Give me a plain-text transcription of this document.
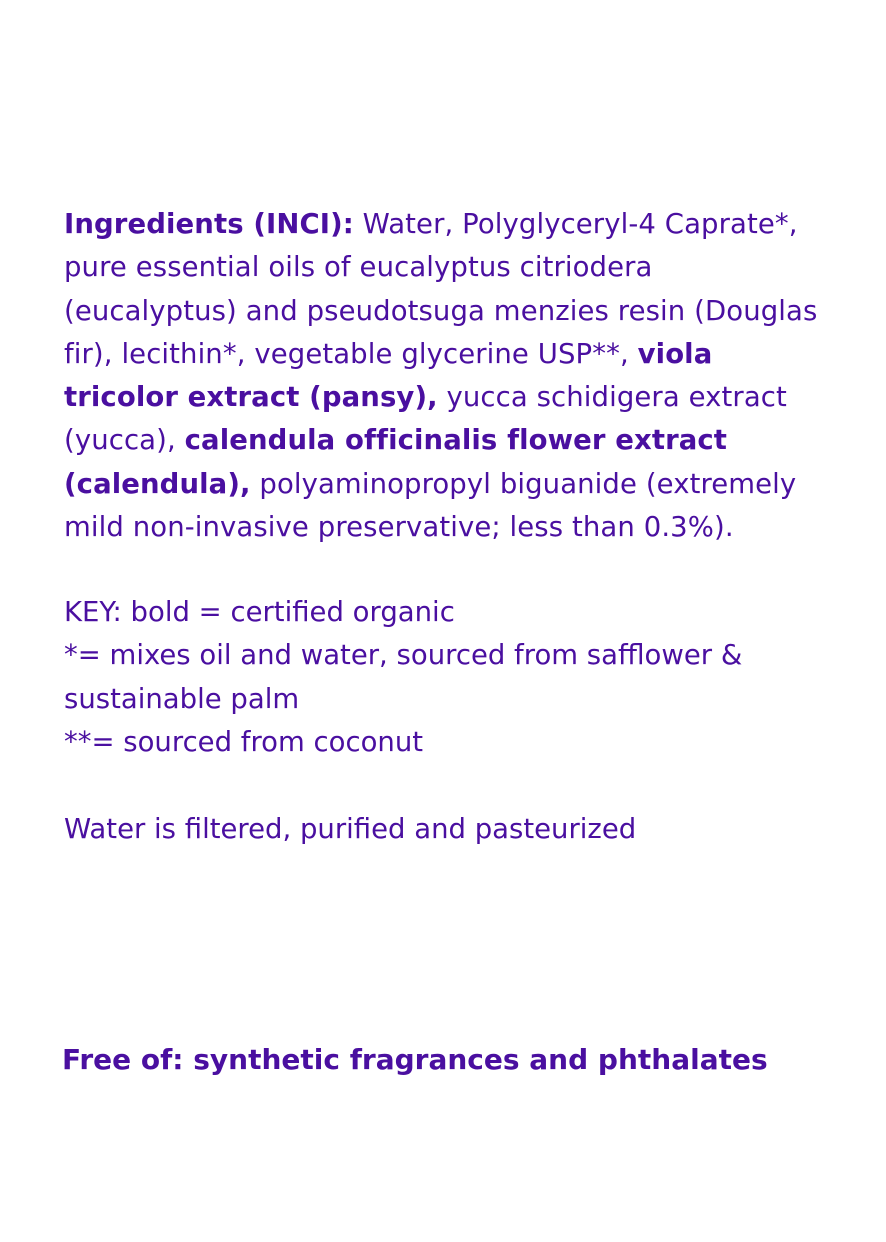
Ingredients (INCI): Water, Polyglyceryl-4 Caprate*, pure essential oils of eucalyptus citriodera (eucalyptus) and pseudotsuga menzies resin (Douglas fir), lecithin*, vegetable glycerine USP**, viola tricolor extract (pansy), yucca schidigera extract (yucca), calendula officinalis flower extract (calendula), polyaminopropyl biguanide (extremely mild non-invasive preservative; less than 0.3%).

KEY: bold = certified organic
*= mixes oil and water, sourced from safflower &
sustainable palm
**= sourced from coconut

Water is filtered, purified and pasteurized

Free of: synthetic fragrances and phthalates
